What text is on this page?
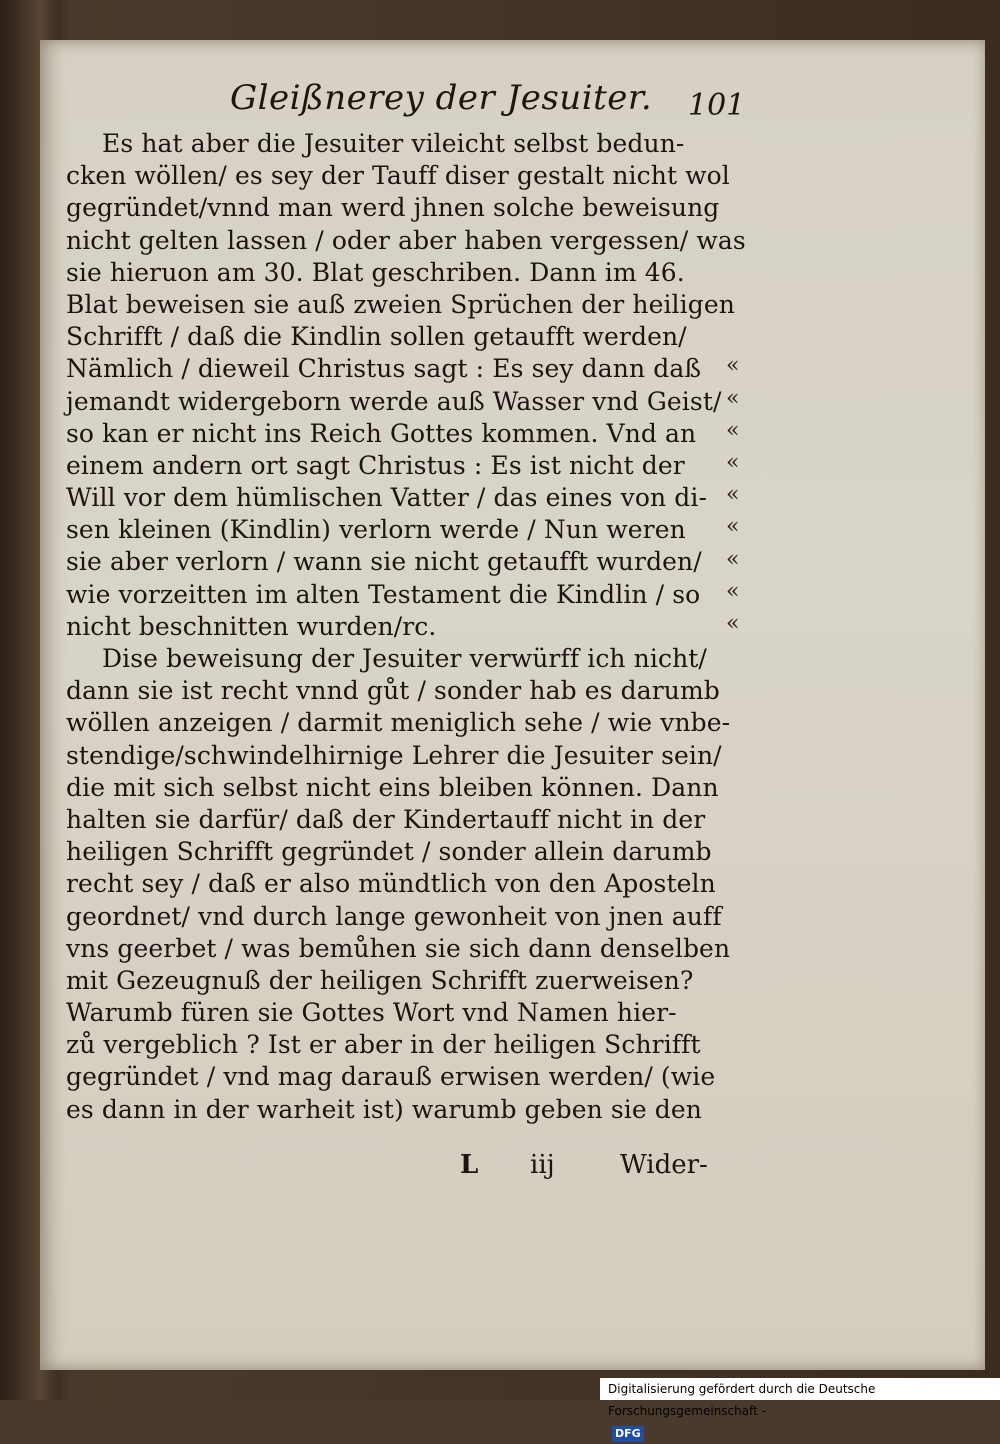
Gleißnerey der Jesuiter. 101
Es hat aber die Jesuiter vileicht selbst bedun-
cken wöllen/ es sey der Tauff diser gestalt nicht wol
gegründet/vnnd man werd jhnen solche beweisung
nicht gelten lassen / oder aber haben vergessen/ was
sie hieruon am 30. Blat geschriben. Dann im 46.
Blat beweisen sie auß zweien Sprüchen der heiligen
Schrifft / daß die Kindlin sollen getaufft werden/
Nämlich / dieweil Christus sagt : Es sey dann daß
jemandt widergeborn werde auß Wasser vnd Geist/
so kan er nicht ins Reich Gottes kommen. Vnd an
einem andern ort sagt Christus : Es ist nicht der
Will vor dem hümlischen Vatter / das eines von di-
sen kleinen (Kindlin) verlorn werde / Nun weren
sie aber verlorn / wann sie nicht getaufft wurden/
wie vorzeitten im alten Testament die Kindlin / so
nicht beschnitten wurden/rc.
Dise beweisung der Jesuiter verwürff ich nicht/
dann sie ist recht vnnd gůt / sonder hab es darumb
wöllen anzeigen / darmit meniglich sehe / wie vnbe-
stendige/schwindelhirnige Lehrer die Jesuiter sein/
die mit sich selbst nicht eins bleiben können. Dann
halten sie darfür/ daß der Kindertauff nicht in der
heiligen Schrifft gegründet / sonder allein darumb
recht sey / daß er also mündtlich von den Aposteln
geordnet/ vnd durch lange gewonheit von jnen auff
vns geerbet / was bemůhen sie sich dann denselben
mit Gezeugnuß der heiligen Schrifft zuerweisen?
Warumb füren sie Gottes Wort vnd Namen hier-
zů vergeblich ? Ist er aber in der heiligen Schrifft
gegründet / vnd mag darauß erwisen werden/ (wie
es dann in der warheit ist) warumb geben sie den
«
«
«
«
«
«
«
«
«
L iij	Wider-
Digitalisierung gefördert durch die Deutsche Forschungsgemeinschaft - DFG
